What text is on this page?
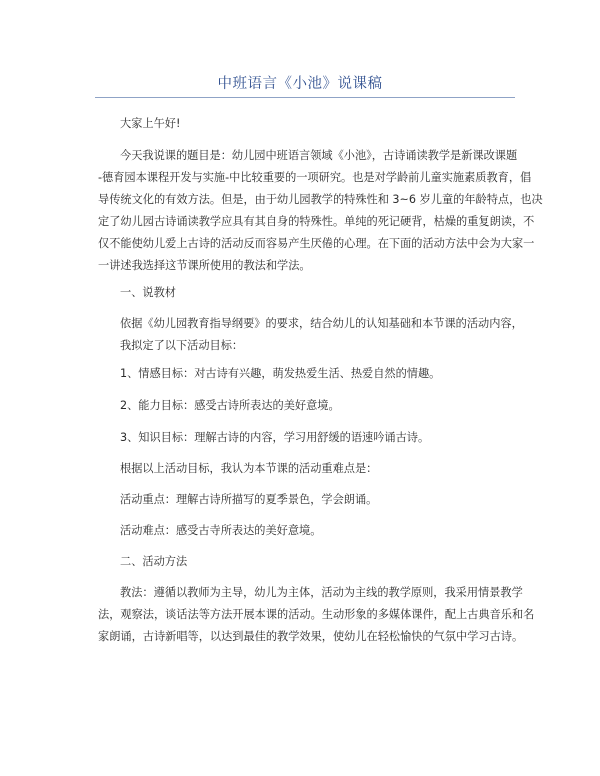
中班语言《小池》说课稿
大家上午好!
今天我说课的题目是：幼儿园中班语言领域《小池》，古诗诵读教学是新课改课题
-德育园本课程开发与实施-中比较重要的一项研究。也是对学龄前儿童实施素质教育，倡
导传统文化的有效方法。但是，由于幼儿园教学的特殊性和 3~6 岁儿童的年龄特点，也决
定了幼儿园古诗诵读教学应具有其自身的特殊性。单纯的死记硬背，枯燥的重复朗读，不
仅不能使幼儿爱上古诗的活动反而容易产生厌倦的心理。在下面的活动方法中会为大家一
一讲述我选择这节课所使用的教法和学法。
一、说教材
依据《幼儿园教育指导纲要》的要求，结合幼儿的认知基础和本节课的活动内容，
我拟定了以下活动目标：
1、情感目标：对古诗有兴趣，萌发热爱生活、热爱自然的情趣。
2、能力目标：感受古诗所表达的美好意境。
3、知识目标：理解古诗的内容，学习用舒缓的语速吟诵古诗。
根据以上活动目标，我认为本节课的活动重难点是：
活动重点：理解古诗所描写的夏季景色，学会朗诵。
活动难点：感受古寺所表达的美好意境。
二、活动方法
教法：遵循以教师为主导，幼儿为主体，活动为主线的教学原则，我采用情景教学
法，观察法，谈话法等方法开展本课的活动。生动形象的多媒体课件，配上古典音乐和名
家朗诵，古诗新唱等，以达到最佳的教学效果，使幼儿在轻松愉快的气氛中学习古诗。
